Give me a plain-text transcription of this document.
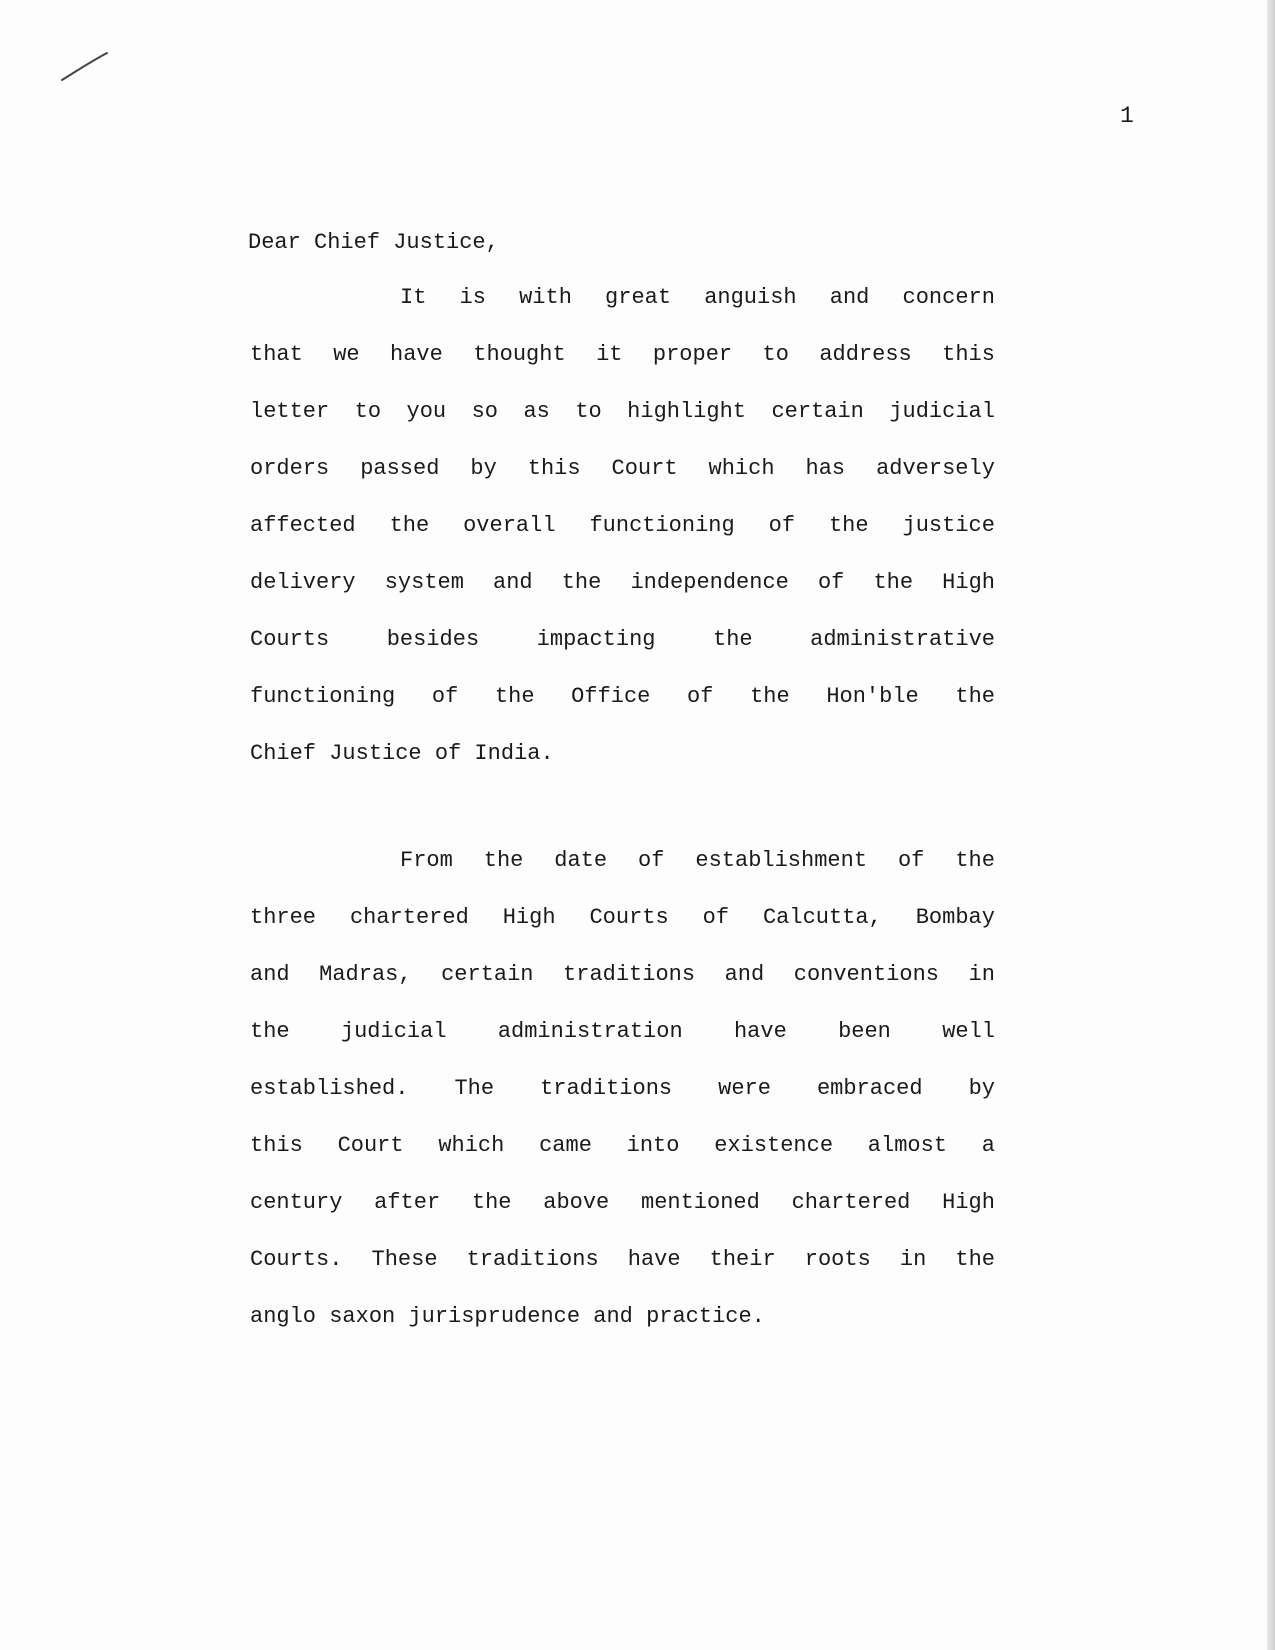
1
Dear Chief Justice,
It is with great anguish and concern
that we have thought it proper to address this
letter to you so as to highlight certain judicial
orders passed by this Court which has adversely
affected the overall functioning of the justice
delivery system and the independence of the High
Courts	besides	impacting	the	administrative
functioning of the Office of the Hon'ble the
Chief Justice of India.
From the date of establishment of the
three chartered High Courts of Calcutta, Bombay
and Madras, certain traditions and conventions in
the judicial administration have been well
established. The traditions were embraced by
this Court which came into existence almost a
century after the above mentioned chartered High
Courts. These traditions have their roots in the
anglo saxon jurisprudence and practice.
